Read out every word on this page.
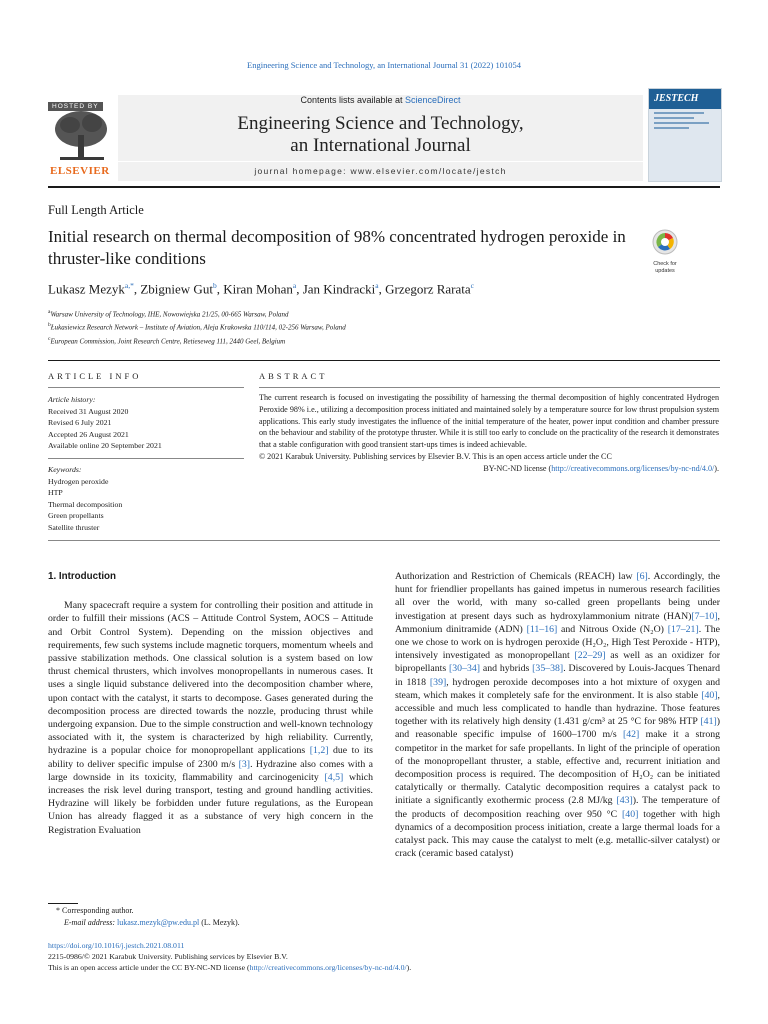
Engineering Science and Technology, an International Journal 31 (2022) 101054
HOSTED BY
ELSEVIER
Contents lists available at ScienceDirect
Engineering Science and Technology,
an International Journal
journal homepage: www.elsevier.com/locate/jestch
JESTECH
Full Length Article
Initial research on thermal decomposition of 98% concentrated hydrogen peroxide in thruster-like conditions	Check for
updates
Lukasz Mezyk$^{a,*}$, Zbigniew Gut$^b$, Kiran Mohan$^a$, Jan Kindracki$^a$, Grzegorz Rarata$^c$
$^a$Warsaw University of Technology, IHE, Nowowiejska 21/25, 00-665 Warsaw, Poland
$^b$Łukasiewicz Research Network – Institute of Aviation, Aleja Krakowska 110/114, 02-256 Warsaw, Poland
$^c$European Commission, Joint Research Centre, Retieseweg 111, 2440 Geel, Belgium
ARTICLE INFO	ABSTRACT
Article history:
Received 31 August 2020
Revised 6 July 2021
Accepted 26 August 2021
Available online 20 September 2021
Keywords:
Hydrogen peroxide
HTP
Thermal decomposition
Green propellants
Satellite thruster

The current research is focused on investigating the possibility of harnessing the thermal decomposition of highly concentrated Hydrogen Peroxide 98% i.e., utilizing a decomposition process initiated and maintained solely by a temperature source for low thrust propulsion system applications. This early study investigates the influence of the initial temperature of the heater, power input condition and chamber pressure on the behaviour and stability of the prototype thruster. While it is still too early to conclude on the practicality of the research it demonstrates that a stable configuration with good transient start-ups times is indeed achievable.

© 2021 Karabuk University. Publishing services by Elsevier B.V. This is an open access article under the CC

BY-NC-ND license (http://creativecommons.org/licenses/by-nc-nd/4.0/).

1. Introduction

Many spacecraft require a system for controlling their position and attitude in order to fulfill their missions (ACS – Attitude Control System, AOCS – Attitude and Orbit Control System). Depending on the mission objectives and requirements, few such systems include magnetic torquers, momentum wheels and passive stabilization methods. One classical solution is a system based on low thrust chemical thrusters, which involves monopropellants in numerous cases. It uses a single liquid substance delivered into the decomposition chamber where, upon contact with the catalyst, it starts to decompose. Gases generated during the decomposition process are directed towards the nozzle, producing thrust while undergoing expansion. Due to the simple construction and well-known technology associated with it, the system is characterized by high reliability. Currently, hydrazine is a popular choice for monopropellant applications [1,2] due to its ability to deliver specific impulse of 2300 m/s [3]. Hydrazine also comes with a large downside in its toxicity, flammability and carcinogenicity [4,5] which increases the risk level during transport, testing and ground handling activities. Hydrazine will likely be forbidden under future regulations, as the European Union has already flagged it as a substance of very high concern in the Registration Evaluation

Authorization and Restriction of Chemicals (REACH) law [6]. Accordingly, the hunt for friendlier propellants has gained impetus in numerous research facilities all over the world, with many so-called green propellants being under investigation at present days such as hydroxylammonium nitrate (HAN)[7–10], Ammonium dinitramide (ADN) [11–16] and Nitrous Oxide (N₂O) [17–21]. The one we chose to work on is hydrogen peroxide (H₂O₂, High Test Peroxide - HTP), intensively investigated as monopropellant [22–29] as well as an oxidizer for bipropellants [30–34] and hybrids [35–38]. Discovered by Louis-Jacques Thenard in 1818 [39], hydrogen peroxide decomposes into a hot mixture of oxygen and steam, which makes it completely safe for the environment. It is also stable [40], accessible and much less complicated to handle than hydrazine. Those features together with its relatively high density (1.431 g/cm³ at 25 °C for 98% HTP [41]) and reasonable specific impulse of 1600–1700 m/s [42] make it a strong competitor in the market for safe propellants. In light of the principle of operation of the monopropellant thruster, a stable, effective and, recurrent initiation and decomposition process is required. The decomposition of H₂O₂ can be initiated catalytically or thermally. Catalytic decomposition requires a catalyst pack to initiate a significantly exothermic process (2.8 MJ/kg [43]). The temperature of the products of decomposition reaching over 950 °C [40] together with high dynamics of a decomposition process initiation, create a large thermal loads for a catalyst pack. This may cause the catalyst to melt (e.g. metallic-silver catalyst) or crack (ceramic based catalyst)

* Corresponding author.
E-mail address: lukasz.mezyk@pw.edu.pl (L. Mezyk).
https://doi.org/10.1016/j.jestch.2021.08.011
2215-0986/© 2021 Karabuk University. Publishing services by Elsevier B.V.
This is an open access article under the CC BY-NC-ND license (http://creativecommons.org/licenses/by-nc-nd/4.0/).
